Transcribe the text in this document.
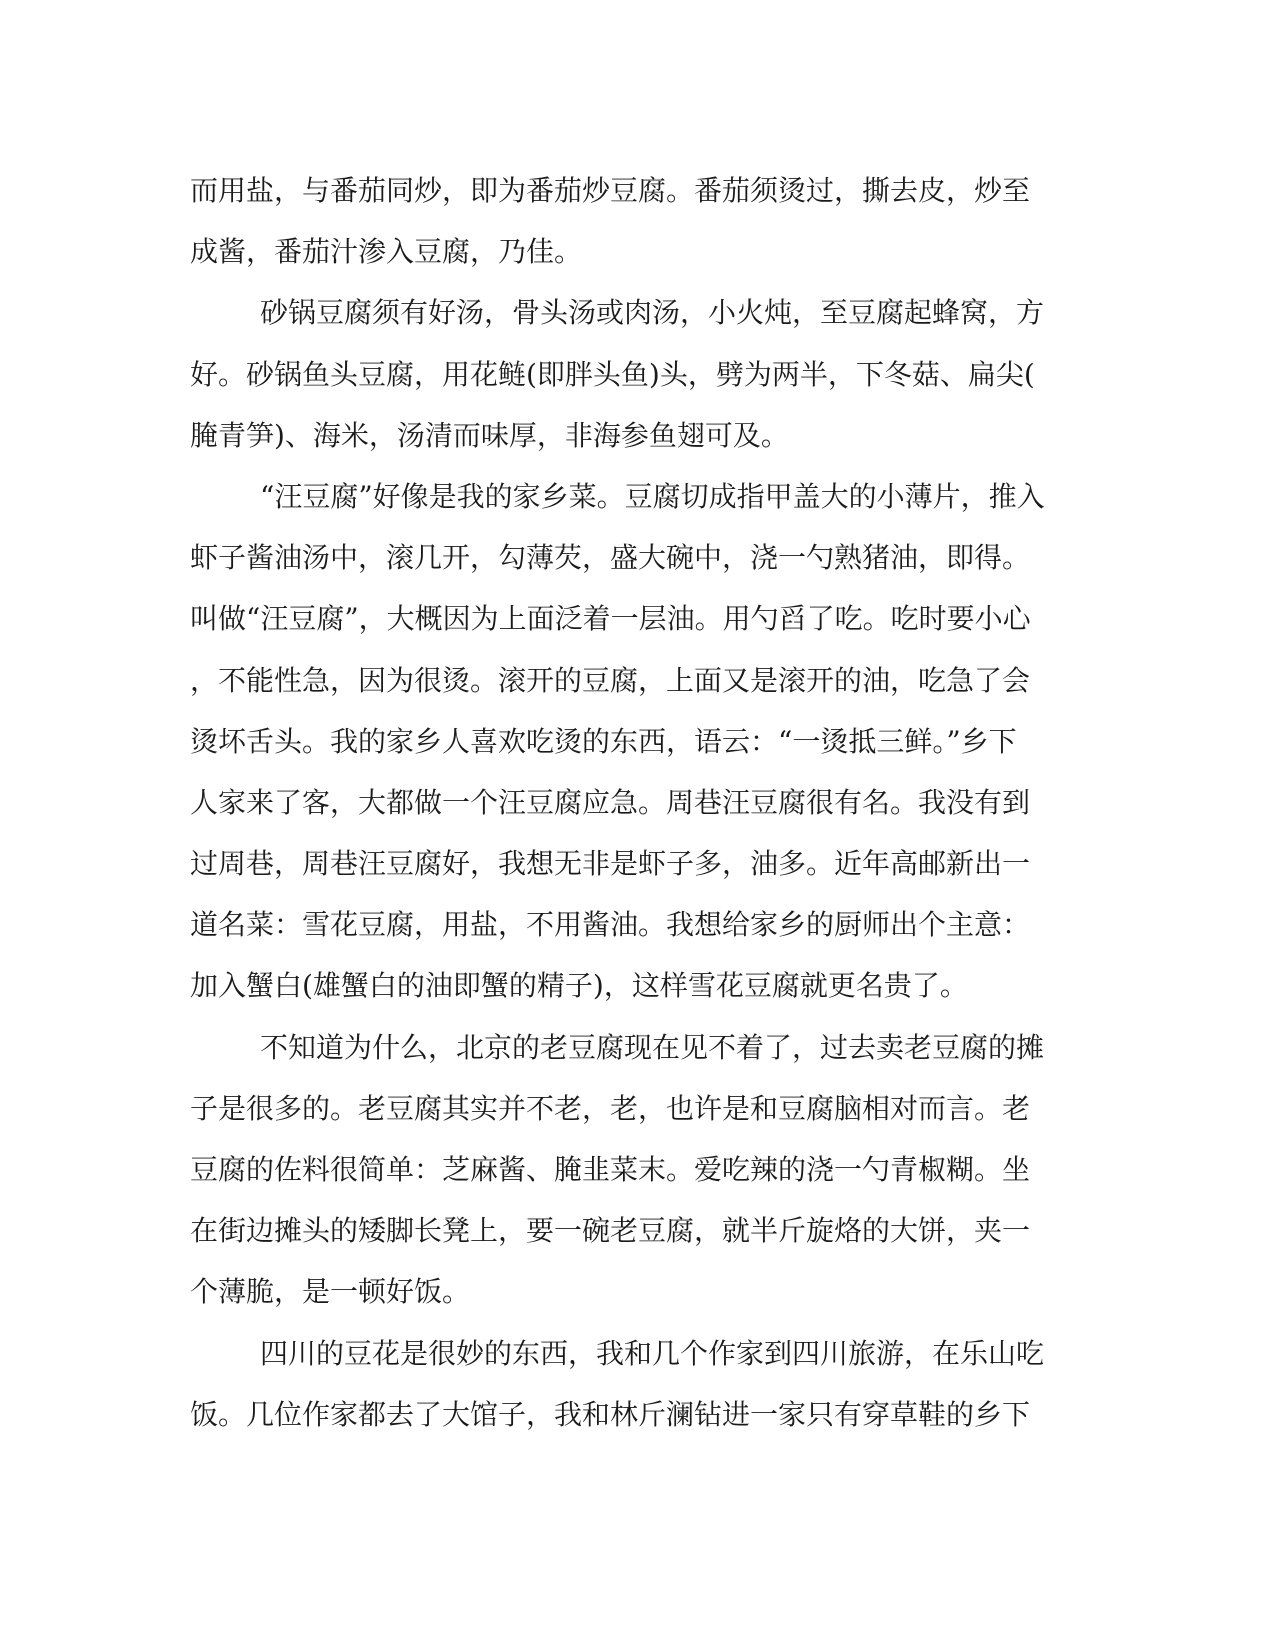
而用盐，与番茄同炒，即为番茄炒豆腐。番茄须烫过，撕去皮，炒至
成酱，番茄汁渗入豆腐，乃佳。
砂锅豆腐须有好汤，骨头汤或肉汤，小火炖，至豆腐起蜂窝，方
好。砂锅鱼头豆腐，用花鲢(即胖头鱼)头，劈为两半，下冬菇、扁尖(
腌青笋)、海米，汤清而味厚，非海参鱼翅可及。
“汪豆腐”好像是我的家乡菜。豆腐切成指甲盖大的小薄片，推入
虾子酱油汤中，滚几开，勾薄芡，盛大碗中，浇一勺熟猪油，即得。
叫做“汪豆腐”，大概因为上面泛着一层油。用勺舀了吃。吃时要小心
，不能性急，因为很烫。滚开的豆腐，上面又是滚开的油，吃急了会
烫坏舌头。我的家乡人喜欢吃烫的东西，语云：“一烫抵三鲜。”乡下
人家来了客，大都做一个汪豆腐应急。周巷汪豆腐很有名。我没有到
过周巷，周巷汪豆腐好，我想无非是虾子多，油多。近年高邮新出一
道名菜：雪花豆腐，用盐，不用酱油。我想给家乡的厨师出个主意：
加入蟹白(雄蟹白的油即蟹的精子)，这样雪花豆腐就更名贵了。
不知道为什么，北京的老豆腐现在见不着了，过去卖老豆腐的摊
子是很多的。老豆腐其实并不老，老，也许是和豆腐脑相对而言。老
豆腐的佐料很简单：芝麻酱、腌韭菜末。爱吃辣的浇一勺青椒糊。坐
在街边摊头的矮脚长凳上，要一碗老豆腐，就半斤旋烙的大饼，夹一
个薄脆，是一顿好饭。
四川的豆花是很妙的东西，我和几个作家到四川旅游，在乐山吃
饭。几位作家都去了大馆子，我和林斤澜钻进一家只有穿草鞋的乡下
